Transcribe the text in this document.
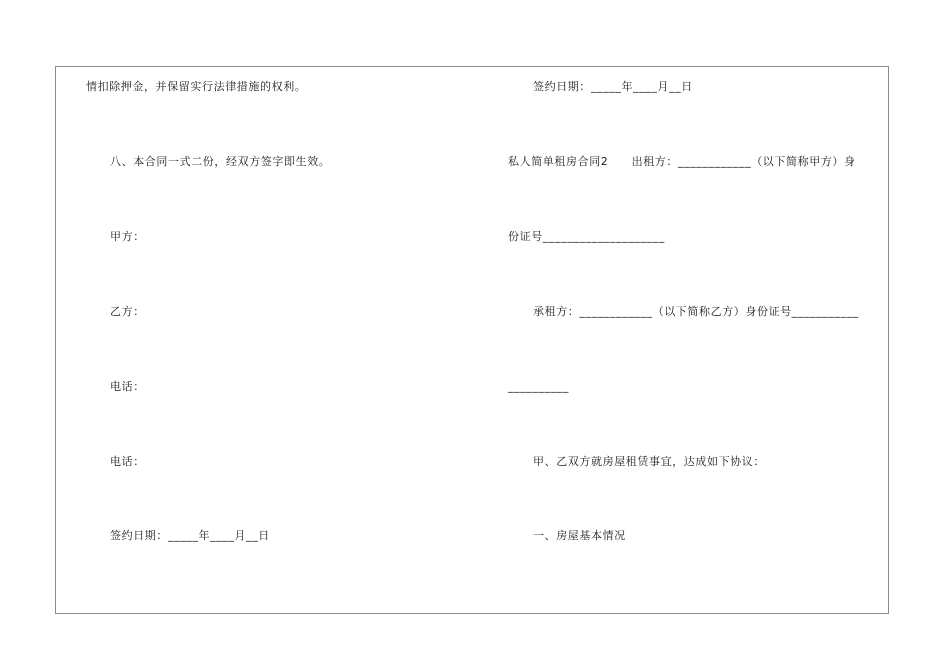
情扣除押金，并保留实行法律措施的权利。
八、本合同一式二份，经双方签字即生效。
甲方：
乙方：
电话：
电话：
签约日期：_____年____月__日
签约日期：_____年____月__日
私人简单租房合同2　　出租方：____________（以下简称甲方）身
份证号____________________
承租方：____________（以下简称乙方）身份证号___________
__________
甲、乙双方就房屋租赁事宜，达成如下协议：
一、房屋基本情况
